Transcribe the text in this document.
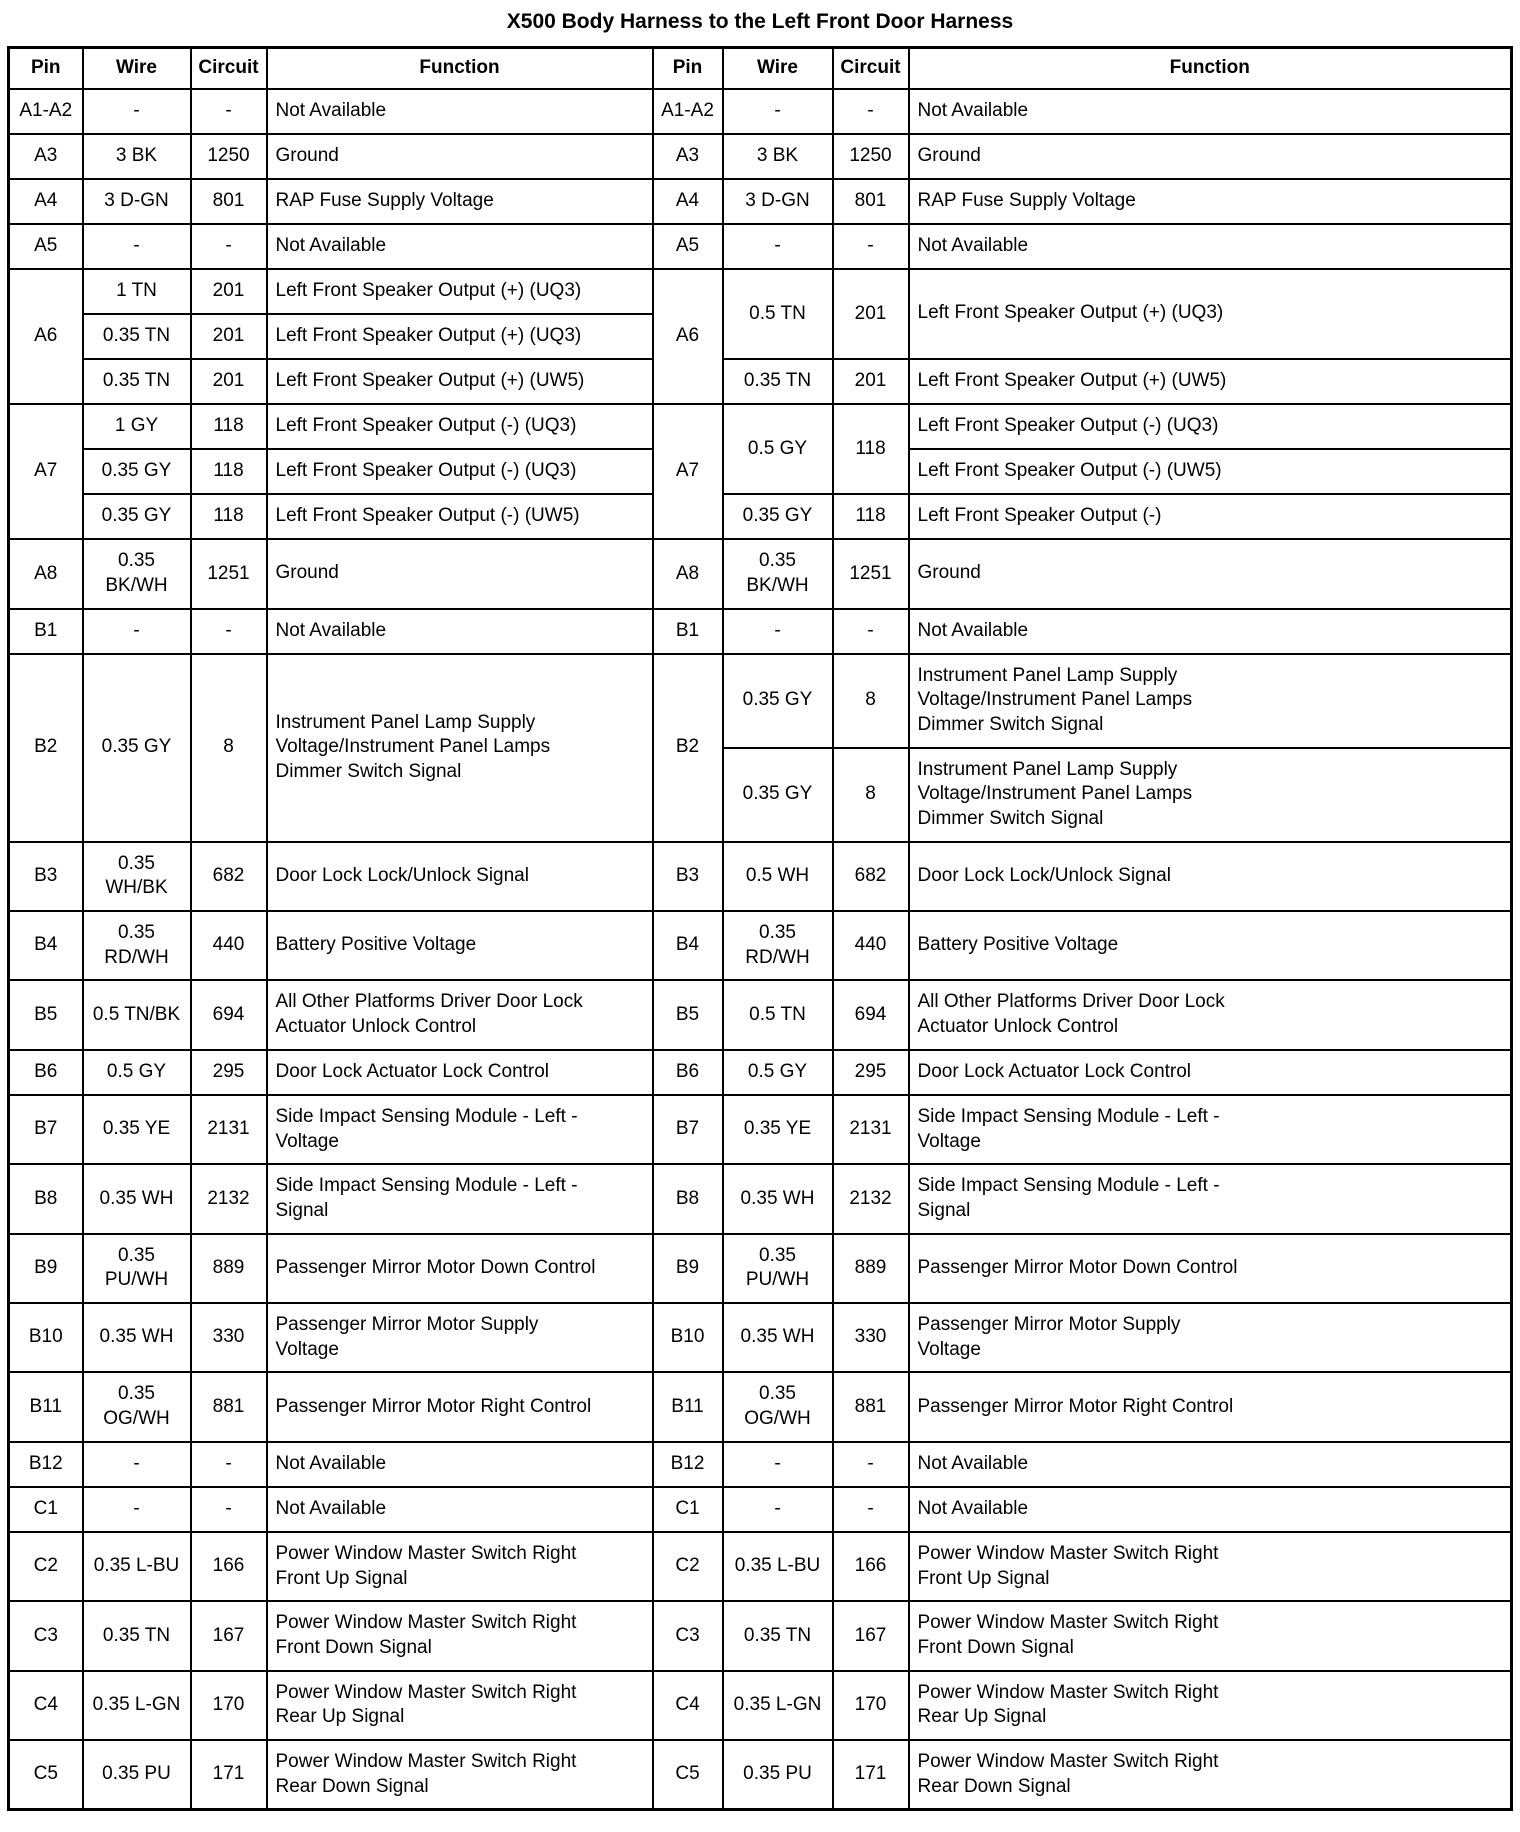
X500 Body Harness to the Left Front Door Harness
Pin	Wire	Circuit	Function	Pin	Wire	Circuit	Function
A1-A2	-	-	Not Available	A1-A2	-	-	Not Available
A3	3 BK	1250	Ground	A3	3 BK	1250	Ground
A4	3 D-GN	801	RAP Fuse Supply Voltage	A4	3 D-GN	801	RAP Fuse Supply Voltage
A5	-	-	Not Available	A5	-	-	Not Available
A6	1 TN	201	Left Front Speaker Output (+) (UQ3)	A6	0.5 TN	201	Left Front Speaker Output (+) (UQ3)
	0.35 TN	201	Left Front Speaker Output (+) (UQ3)				
	0.35 TN	201	Left Front Speaker Output (+) (UW5)		0.35 TN	201	Left Front Speaker Output (+) (UW5)
A7	1 GY	118	Left Front Speaker Output (-) (UQ3)	A7	0.5 GY	118	Left Front Speaker Output (-) (UQ3)
	0.35 GY	118	Left Front Speaker Output (-) (UQ3)				Left Front Speaker Output (-) (UW5)
	0.35 GY	118	Left Front Speaker Output (-) (UW5)		0.35 GY	118	Left Front Speaker Output (-)
A8	0.35 BK/WH	1251	Ground	A8	0.35 BK/WH	1251	Ground
B1	-	-	Not Available	B1	-	-	Not Available
B2	0.35 GY	8	Instrument Panel Lamp Supply Voltage/Instrument Panel Lamps Dimmer Switch Signal	B2	0.35 GY	8	Instrument Panel Lamp Supply Voltage/Instrument Panel Lamps Dimmer Switch Signal
					0.35 GY	8	Instrument Panel Lamp Supply Voltage/Instrument Panel Lamps Dimmer Switch Signal
B3	0.35 WH/BK	682	Door Lock Lock/Unlock Signal	B3	0.5 WH	682	Door Lock Lock/Unlock Signal
B4	0.35 RD/WH	440	Battery Positive Voltage	B4	0.35 RD/WH	440	Battery Positive Voltage
B5	0.5 TN/BK	694	All Other Platforms Driver Door Lock Actuator Unlock Control	B5	0.5 TN	694	All Other Platforms Driver Door Lock Actuator Unlock Control
B6	0.5 GY	295	Door Lock Actuator Lock Control	B6	0.5 GY	295	Door Lock Actuator Lock Control
B7	0.35 YE	2131	Side Impact Sensing Module - Left - Voltage	B7	0.35 YE	2131	Side Impact Sensing Module - Left - Voltage
B8	0.35 WH	2132	Side Impact Sensing Module - Left - Signal	B8	0.35 WH	2132	Side Impact Sensing Module - Left - Signal
B9	0.35 PU/WH	889	Passenger Mirror Motor Down Control	B9	0.35 PU/WH	889	Passenger Mirror Motor Down Control
B10	0.35 WH	330	Passenger Mirror Motor Supply Voltage	B10	0.35 WH	330	Passenger Mirror Motor Supply Voltage
B11	0.35 OG/WH	881	Passenger Mirror Motor Right Control	B11	0.35 OG/WH	881	Passenger Mirror Motor Right Control
B12	-	-	Not Available	B12	-	-	Not Available
C1	-	-	Not Available	C1	-	-	Not Available
C2	0.35 L-BU	166	Power Window Master Switch Right Front Up Signal	C2	0.35 L-BU	166	Power Window Master Switch Right Front Up Signal
C3	0.35 TN	167	Power Window Master Switch Right Front Down Signal	C3	0.35 TN	167	Power Window Master Switch Right Front Down Signal
C4	0.35 L-GN	170	Power Window Master Switch Right Rear Up Signal	C4	0.35 L-GN	170	Power Window Master Switch Right Rear Up Signal
C5	0.35 PU	171	Power Window Master Switch Right Rear Down Signal	C5	0.35 PU	171	Power Window Master Switch Right Rear Down Signal
